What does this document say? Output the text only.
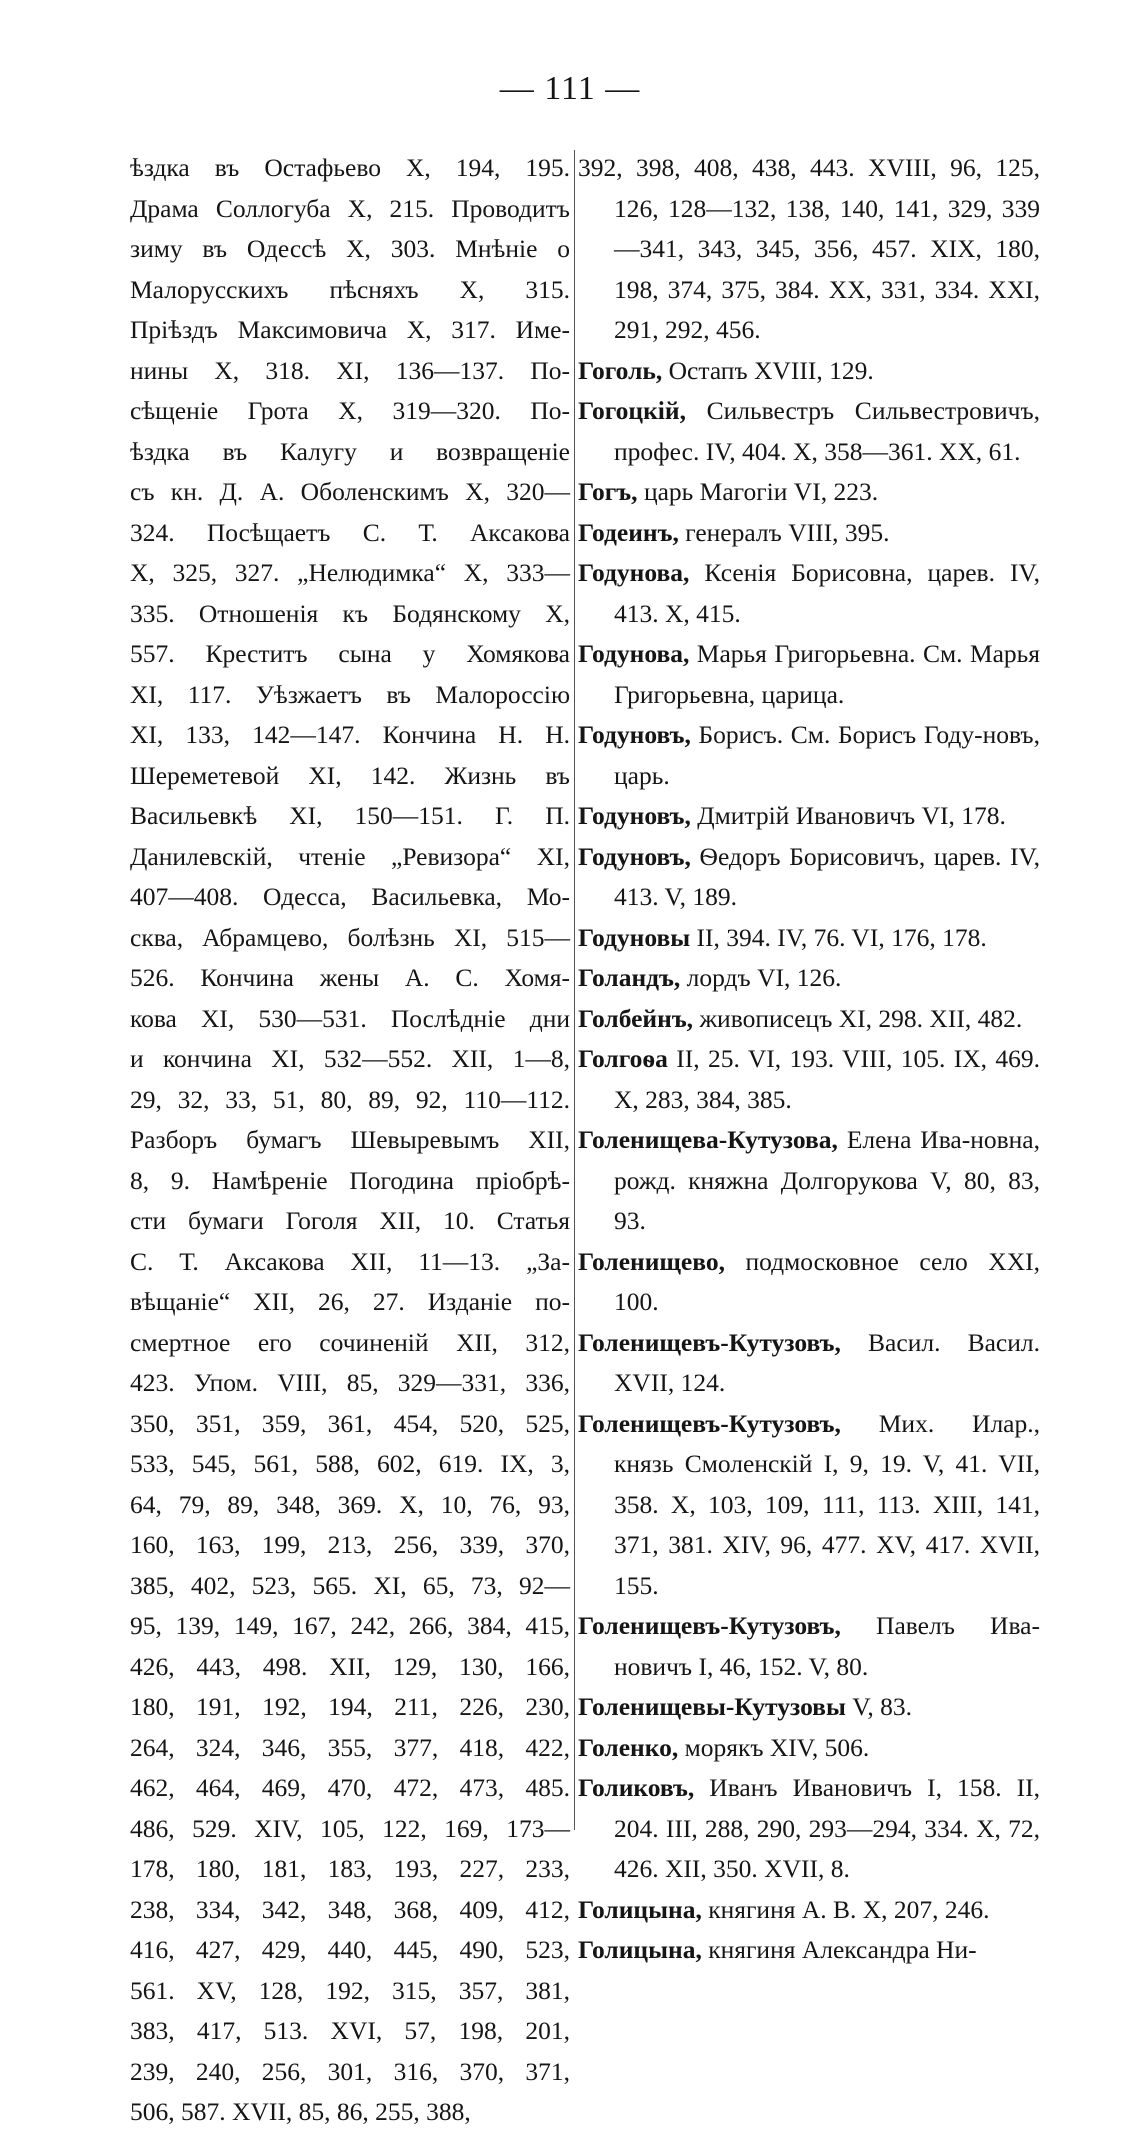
— 111 —
ѣздка въ Остафьево X, 194, 195.
Драма Соллогуба X, 215. Проводитъ
зиму въ Одессѣ X, 303. Мнѣніе о
Малорусскихъ пѣсняхъ X, 315.
Пріѣздъ Максимовича X, 317. Име-
нины X, 318. XI, 136—137. По-
сѣщеніе Грота X, 319—320. По-
ѣздка въ Калугу и возвращеніе
съ кн. Д. А. Оболенскимъ X, 320—
324. Посѣщаетъ С. Т. Аксакова
X, 325, 327. „Нелюдимка“ X, 333—
335. Отношенія къ Бодянскому X,
557. Креститъ сына у Хомякова
XI, 117. Уѣзжаетъ въ Малороссію
XI, 133, 142—147. Кончина Н. Н.
Шереметевой XI, 142. Жизнь въ
Васильевкѣ XI, 150—151. Г. П.
Данилевскій, чтеніе „Ревизора“ XI,
407—408. Одесса, Васильевка, Мо-
сква, Абрамцево, болѣзнь XI, 515—
526. Кончина жены А. С. Хомя-
кова XI, 530—531. Послѣдніе дни
и кончина XI, 532—552. XII, 1—8,
29, 32, 33, 51, 80, 89, 92, 110—112.
Разборъ бумагъ Шевыревымъ XII,
8, 9. Намѣреніе Погодина пріобрѣ-
сти бумаги Гоголя XII, 10. Статья
С. Т. Аксакова XII, 11—13. „За-
вѣщаніе“ XII, 26, 27. Изданіе по-
смертное его сочиненій XII, 312,
423. Упом. VIII, 85, 329—331, 336,
350, 351, 359, 361, 454, 520, 525,
533, 545, 561, 588, 602, 619. IX, 3,
64, 79, 89, 348, 369. X, 10, 76, 93,
160, 163, 199, 213, 256, 339, 370,
385, 402, 523, 565. XI, 65, 73, 92—
95, 139, 149, 167, 242, 266, 384, 415,
426, 443, 498. XII, 129, 130, 166,
180, 191, 192, 194, 211, 226, 230,
264, 324, 346, 355, 377, 418, 422,
462, 464, 469, 470, 472, 473, 485.
486, 529. XIV, 105, 122, 169, 173—
178, 180, 181, 183, 193, 227, 233,
238, 334, 342, 348, 368, 409, 412,
416, 427, 429, 440, 445, 490, 523,
561. XV, 128, 192, 315, 357, 381,
383, 417, 513. XVI, 57, 198, 201,
239, 240, 256, 301, 316, 370, 371,
506, 587. XVII, 85, 86, 255, 388,
392, 398, 408, 438, 443. XVIII, 96, 125, 126, 128—132, 138, 140, 141, 329, 339—341, 343, 345, 356, 457. XIX, 180, 198, 374, 375, 384. XX, 331, 334. XXI, 291, 292, 456.
Гоголь, Остапъ XVIII, 129.
Гогоцкій, Сильвестръ Сильвестровичъ, профес. IV, 404. X, 358—361. XX, 61.
Гогъ, царь Магогіи VI, 223.
Годеинъ, генералъ VIII, 395.
Годунова, Ксенія Борисовна, царев. IV, 413. X, 415.
Годунова, Марья Григорьевна. См. Марья Григорьевна, царица.
Годуновъ, Борисъ. См. Борисъ Году-новъ, царь.
Годуновъ, Дмитрій Ивановичъ VI, 178.
Годуновъ, Ѳедоръ Борисовичъ, царев. IV, 413. V, 189.
Годуновы II, 394. IV, 76. VI, 176, 178.
Голандъ, лордъ VI, 126.
Голбейнъ, живописецъ XI, 298. XII, 482.
Голгоѳа II, 25. VI, 193. VIII, 105. IX, 469. X, 283, 384, 385.
Голенищева-Кутузова, Елена Ива-новна, рожд. княжна Долгорукова V, 80, 83, 93.
Голенищево, подмосковное село XXI, 100.
Голенищевъ-Кутузовъ, Васил. Васил. XVII, 124.
Голенищевъ-Кутузовъ, Мих. Илар., князь Смоленскій I, 9, 19. V, 41. VII, 358. X, 103, 109, 111, 113. XIII, 141, 371, 381. XIV, 96, 477. XV, 417. XVII, 155.
Голенищевъ-Кутузовъ, Павелъ Ива-новичъ I, 46, 152. V, 80.
Голенищевы-Кутузовы V, 83.
Голенко, морякъ XIV, 506.
Голиковъ, Иванъ Ивановичъ I, 158. II, 204. III, 288, 290, 293—294, 334. X, 72, 426. XII, 350. XVII, 8.
Голицына, княгиня А. В. X, 207, 246.
Голицына, княгиня Александра Ни-
